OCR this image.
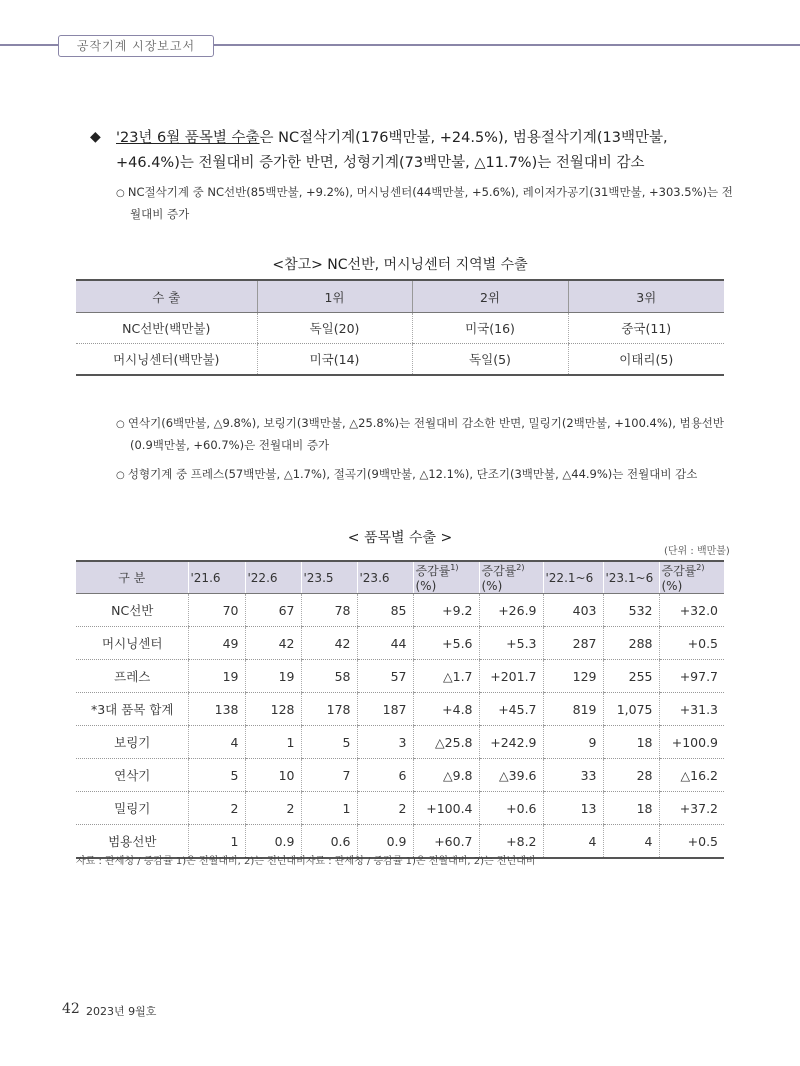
공작기계 시장보고서
◆ '23년 6월 품목별 수출은 NC절삭기계(176백만불, +24.5%), 범용절삭기계(13백만불, +46.4%)는 전월대비 증가한 반면, 성형기계(73백만불, △11.7%)는 전월대비 감소
○ NC절삭기계 중 NC선반(85백만불, +9.2%), 머시닝센터(44백만불, +5.6%), 레이저가공기(31백만불, +303.5%)는 전월대비 증가
<참고> NC선반, 머시닝센터 지역별 수출
수 출	1위	2위	3위
NC선반(백만불)	독일(20)	미국(16)	중국(11)
머시닝센터(백만불)	미국(14)	독일(5)	이태리(5)
○ 연삭기(6백만불, △9.8%), 보링기(3백만불, △25.8%)는 전월대비 감소한 반면, 밀링기(2백만불, +100.4%), 범용선반(0.9백만불, +60.7%)은 전월대비 증가
○ 성형기계 중 프레스(57백만불, △1.7%), 절곡기(9백만불, △12.1%), 단조기(3백만불, △44.9%)는 전월대비 감소
< 품목별 수출 >
(단위 : 백만불)
구 분	'21.6	'22.6	'23.5	'23.6	증감률$^{1)}$(%)	증감률$^{2)}$(%)	'22.1~6	'23.1~6	증감률$^{2)}$(%)
NC선반	70	67	78	85	+9.2	+26.9	403	532	+32.0
머시닝센터	49	42	42	44	+5.6	+5.3	287	288	+0.5
프레스	19	19	58	57	△1.7	+201.7	129	255	+97.7
*3대 품목 합계	138	128	178	187	+4.8	+45.7	819	1,075	+31.3
보링기	4	1	5	3	△25.8	+242.9	9	18	+100.9
연삭기	5	10	7	6	△9.8	△39.6	33	28	△16.2
밀링기	2	2	1	2	+100.4	+0.6	13	18	+37.2
범용선반	1	0.9	0.6	0.9	+60.7	+8.2	4	4	+0.5
자료 : 관세청 / 증감률 1)은 전월대비, 2)는 전년대비자료 : 관세청 / 증감률 1)은 전월대비, 2)는 전년대비
42 2023년 9월호
